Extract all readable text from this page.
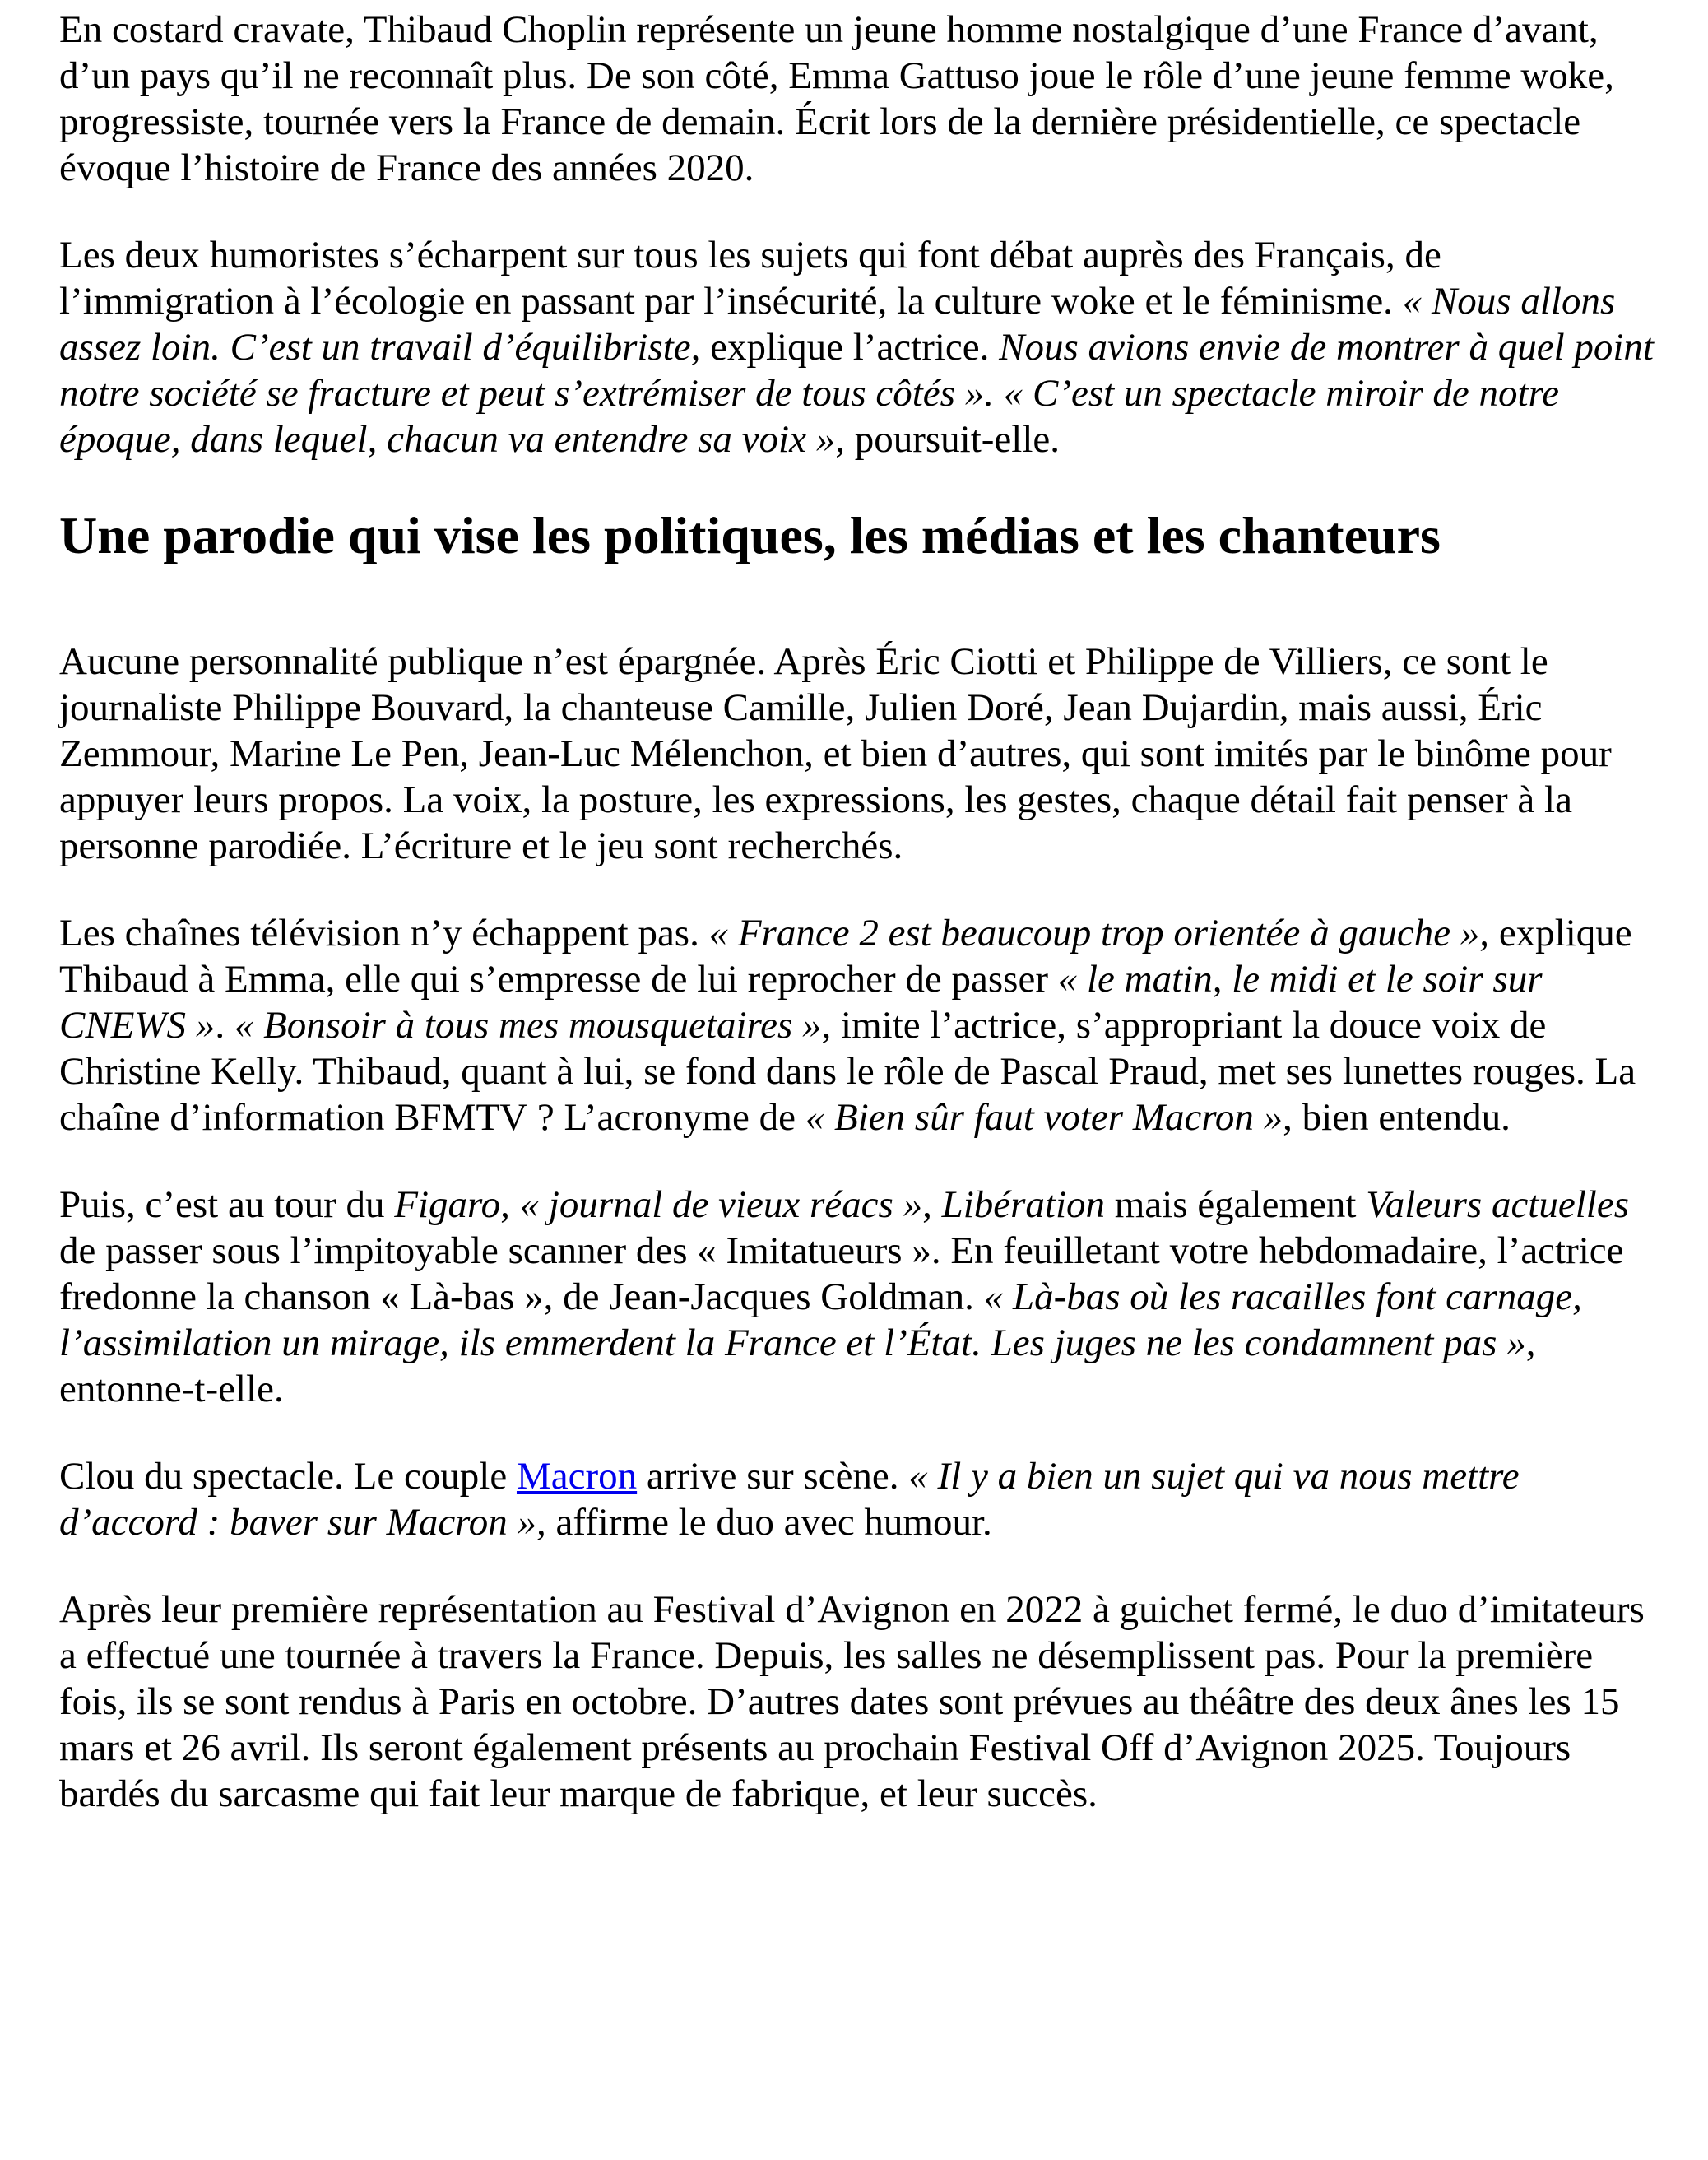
En costard cravate, Thibaud Choplin représente un jeune homme nostalgique d’une France d’avant, d’un pays qu’il ne reconnaît plus. De son côté, Emma Gattuso joue le rôle d’une jeune femme woke, progressiste, tournée vers la France de demain. Écrit lors de la dernière présidentielle, ce spectacle évoque l’histoire de France des années 2020.

Les deux humoristes s’écharpent sur tous les sujets qui font débat auprès des Français, de l’immigration à l’écologie en passant par l’insécurité, la culture woke et le féminisme. « Nous allons assez loin. C’est un travail d’équilibriste, explique l’actrice. Nous avions envie de montrer à quel point notre société se fracture et peut s’extrémiser de tous côtés ». « C’est un spectacle miroir de notre époque, dans lequel, chacun va entendre sa voix », poursuit-elle.

Une parodie qui vise les politiques, les médias et les chanteurs

Aucune personnalité publique n’est épargnée. Après Éric Ciotti et Philippe de Villiers, ce sont le journaliste Philippe Bouvard, la chanteuse Camille, Julien Doré, Jean Dujardin, mais aussi, Éric Zemmour, Marine Le Pen, Jean-Luc Mélenchon, et bien d’autres, qui sont imités par le binôme pour appuyer leurs propos. La voix, la posture, les expressions, les gestes, chaque détail fait penser à la personne parodiée. L’écriture et le jeu sont recherchés.

Les chaînes télévision n’y échappent pas. « France 2 est beaucoup trop orientée à gauche », explique Thibaud à Emma, elle qui s’empresse de lui reprocher de passer « le matin, le midi et le soir sur CNEWS ». « Bonsoir à tous mes mousquetaires », imite l’actrice, s’appropriant la douce voix de Christine Kelly. Thibaud, quant à lui, se fond dans le rôle de Pascal Praud, met ses lunettes rouges. La chaîne d’information BFMTV ? L’acronyme de « Bien sûr faut voter Macron », bien entendu.

Puis, c’est au tour du Figaro, « journal de vieux réacs », Libération mais également Valeurs actuelles de passer sous l’impitoyable scanner des « Imitatueurs ». En feuilletant votre hebdomadaire, l’actrice fredonne la chanson « Là-bas », de Jean-Jacques Goldman. « Là-bas où les racailles font carnage, l’assimilation un mirage, ils emmerdent la France et l’État. Les juges ne les condamnent pas », entonne-t-elle.

Clou du spectacle. Le couple Macron arrive sur scène. « Il y a bien un sujet qui va nous mettre d’accord : baver sur Macron », affirme le duo avec humour.

Après leur première représentation au Festival d’Avignon en 2022 à guichet fermé, le duo d’imitateurs a effectué une tournée à travers la France. Depuis, les salles ne désemplissent pas. Pour la première fois, ils se sont rendus à Paris en octobre. D’autres dates sont prévues au théâtre des deux ânes les 15 mars et 26 avril. Ils seront également présents au prochain Festival Off d’Avignon 2025. Toujours bardés du sarcasme qui fait leur marque de fabrique, et leur succès.
